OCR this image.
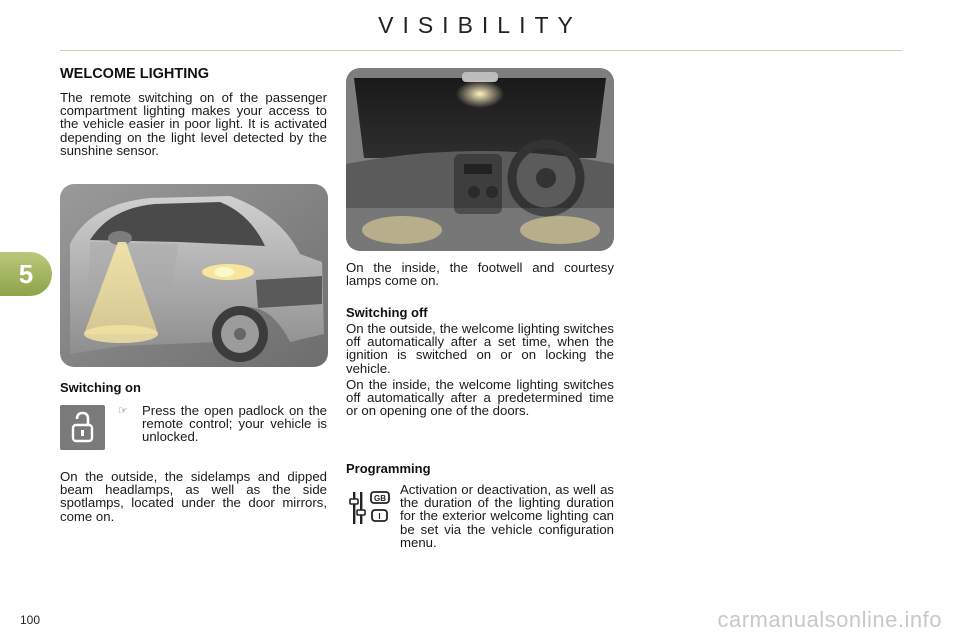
VISIBILITY
5
WELCOME LIGHTING
The remote switching on of the passenger compartment lighting makes your access to the vehicle easier in poor light. It is activated depending on the light level detected by the sunshine sensor.
Switching on
☞ Press the open padlock on the remote control; your vehicle is unlocked.
On the outside, the sidelamps and dipped beam headlamps, as well as the side spotlamps, located under the door mirrors, come on.
On the inside, the footwell and courtesy lamps come on.
Switching off
On the outside, the welcome lighting switches off automatically after a set time, when the ignition is switched on or on locking the vehicle.
On the inside, the welcome lighting switches off automatically after a predetermined time or on opening one of the doors.
Programming
GB
I
Activation or deactivation, as well as the duration of the lighting duration for the exterior welcome lighting can be set via the vehicle configuration menu.
100	carmanualsonline.info
